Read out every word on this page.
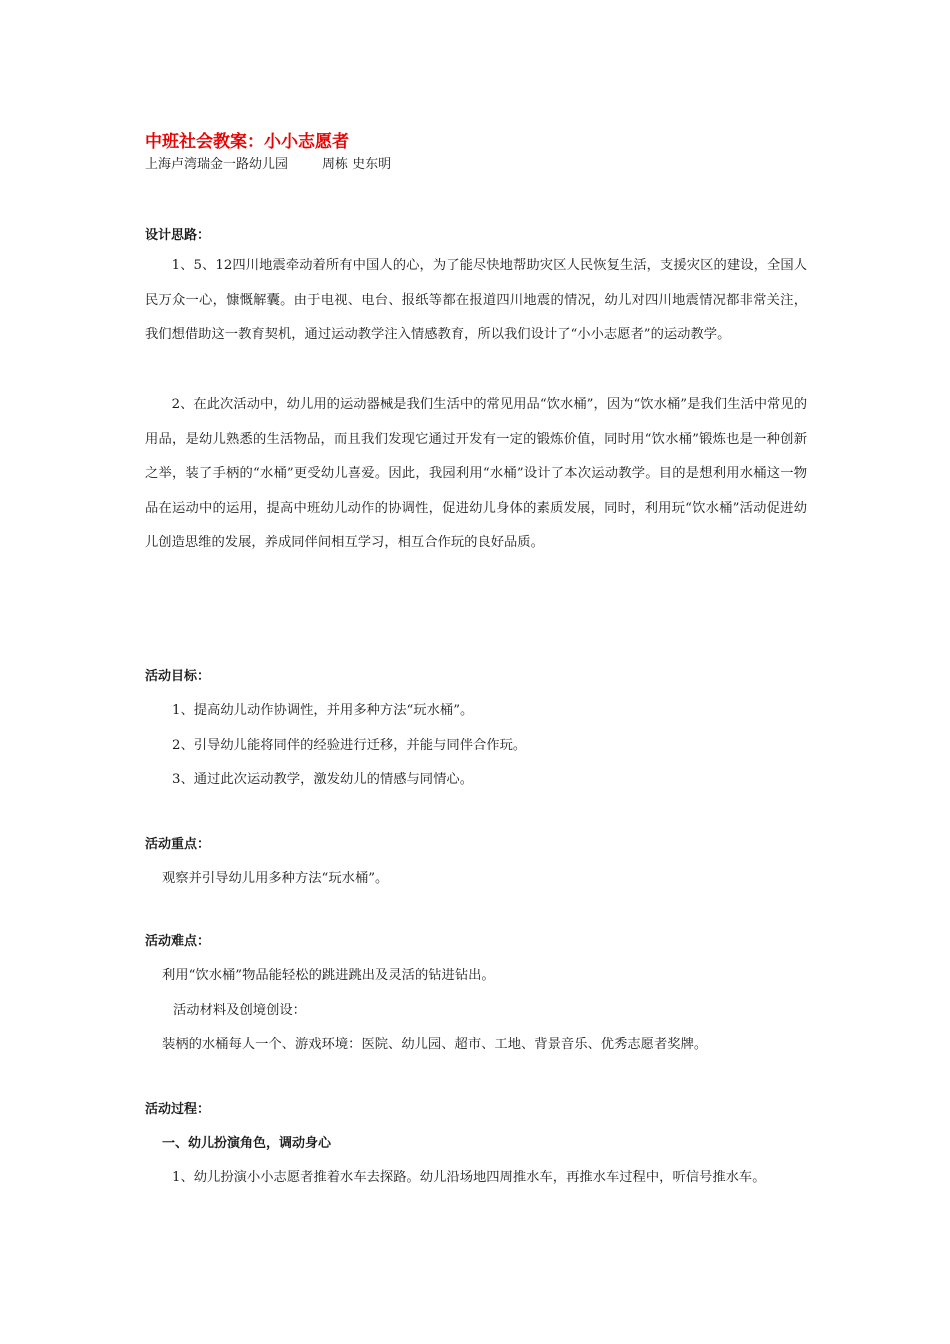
中班社会教案：小小志愿者
上海卢湾瑞金一路幼儿园	周栋 史东明
设计思路：

1、5、12四川地震牵动着所有中国人的心，为了能尽快地帮助灾区人民恢复生活，支援灾区的建设，全国人民万众一心，慷慨解囊。由于电视、电台、报纸等都在报道四川地震的情况，幼儿对四川地震情况都非常关注，我们想借助这一教育契机，通过运动教学注入情感教育，所以我们设计了“小小志愿者”的运动教学。

2、在此次活动中，幼儿用的运动器械是我们生活中的常见用品“饮水桶”，因为“饮水桶”是我们生活中常见的用品，是幼儿熟悉的生活物品，而且我们发现它通过开发有一定的锻炼价值，同时用“饮水桶”锻炼也是一种创新之举，装了手柄的“水桶”更受幼儿喜爱。因此，我园利用“水桶”设计了本次运动教学。目的是想利用水桶这一物品在运动中的运用，提高中班幼儿动作的协调性，促进幼儿身体的素质发展，同时，利用玩“饮水桶”活动促进幼儿创造思维的发展，养成同伴间相互学习，相互合作玩的良好品质。

活动目标：
1、提高幼儿动作协调性，并用多种方法“玩水桶”。
2、引导幼儿能将同伴的经验进行迁移，并能与同伴合作玩。
3、通过此次运动教学，激发幼儿的情感与同情心。
活动重点：
观察并引导幼儿用多种方法“玩水桶”。
活动难点：
利用“饮水桶”物品能轻松的跳进跳出及灵活的钻进钻出。
活动材料及创境创设：
装柄的水桶每人一个、游戏环境：医院、幼儿园、超市、工地、背景音乐、优秀志愿者奖牌。
活动过程：
一、幼儿扮演角色，调动身心
1、幼儿扮演小小志愿者推着水车去探路。幼儿沿场地四周推水车，再推水车过程中，听信号推水车。
